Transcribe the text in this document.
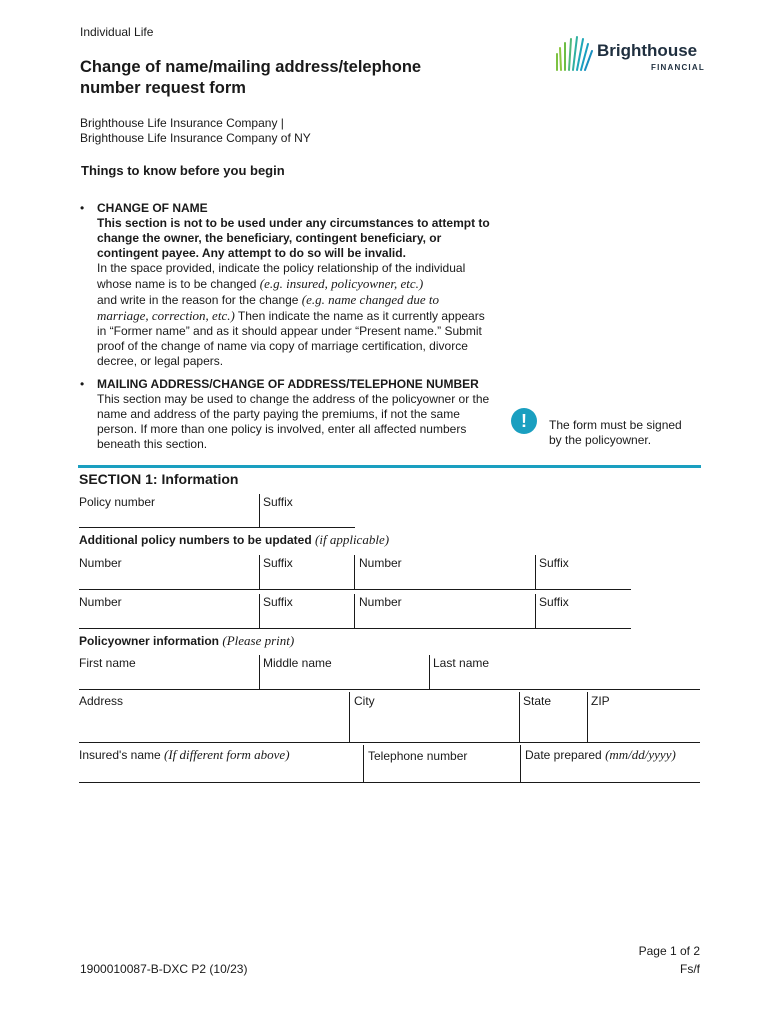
Individual Life
Change of name/mailing address/telephone
number request form
Brighthouse Life Insurance Company |
Brighthouse Life Insurance Company of NY
Brighthouse
FINANCIAL
Things to know before you begin
• CHANGE OF NAME
This section is not to be used under any circumstances to attempt to
change the owner, the beneficiary, contingent beneficiary, or
contingent payee. Any attempt to do so will be invalid.
In the space provided, indicate the policy relationship of the individual
whose name is to be changed (e.g. insured, policyowner, etc.)
and write in the reason for the change (e.g. name changed due to
marriage, correction, etc.) Then indicate the name as it currently appears
in “Former name” and as it should appear under “Present name.” Submit
proof of the change of name via copy of marriage certification, divorce
decree, or legal papers.
• MAILING ADDRESS/CHANGE OF ADDRESS/TELEPHONE NUMBER
This section may be used to change the address of the policyowner or the
name and address of the party paying the premiums, if not the same
person. If more than one policy is involved, enter all affected numbers
beneath this section.
!	The form must be signed
by the policyowner.
SECTION 1: Information
Policy number	Suffix
Additional policy numbers to be updated (if applicable)
Number	Suffix	Number	Suffix
Number	Suffix	Number	Suffix
Policyowner information (Please print)
First name	Middle name	Last name
Address	City	State	ZIP
Insured's name (If different form above)	Telephone number	Date prepared (mm/dd/yyyy)
Page 1 of 2
1900010087-B-DXC P2 (10/23)	Fs/f
